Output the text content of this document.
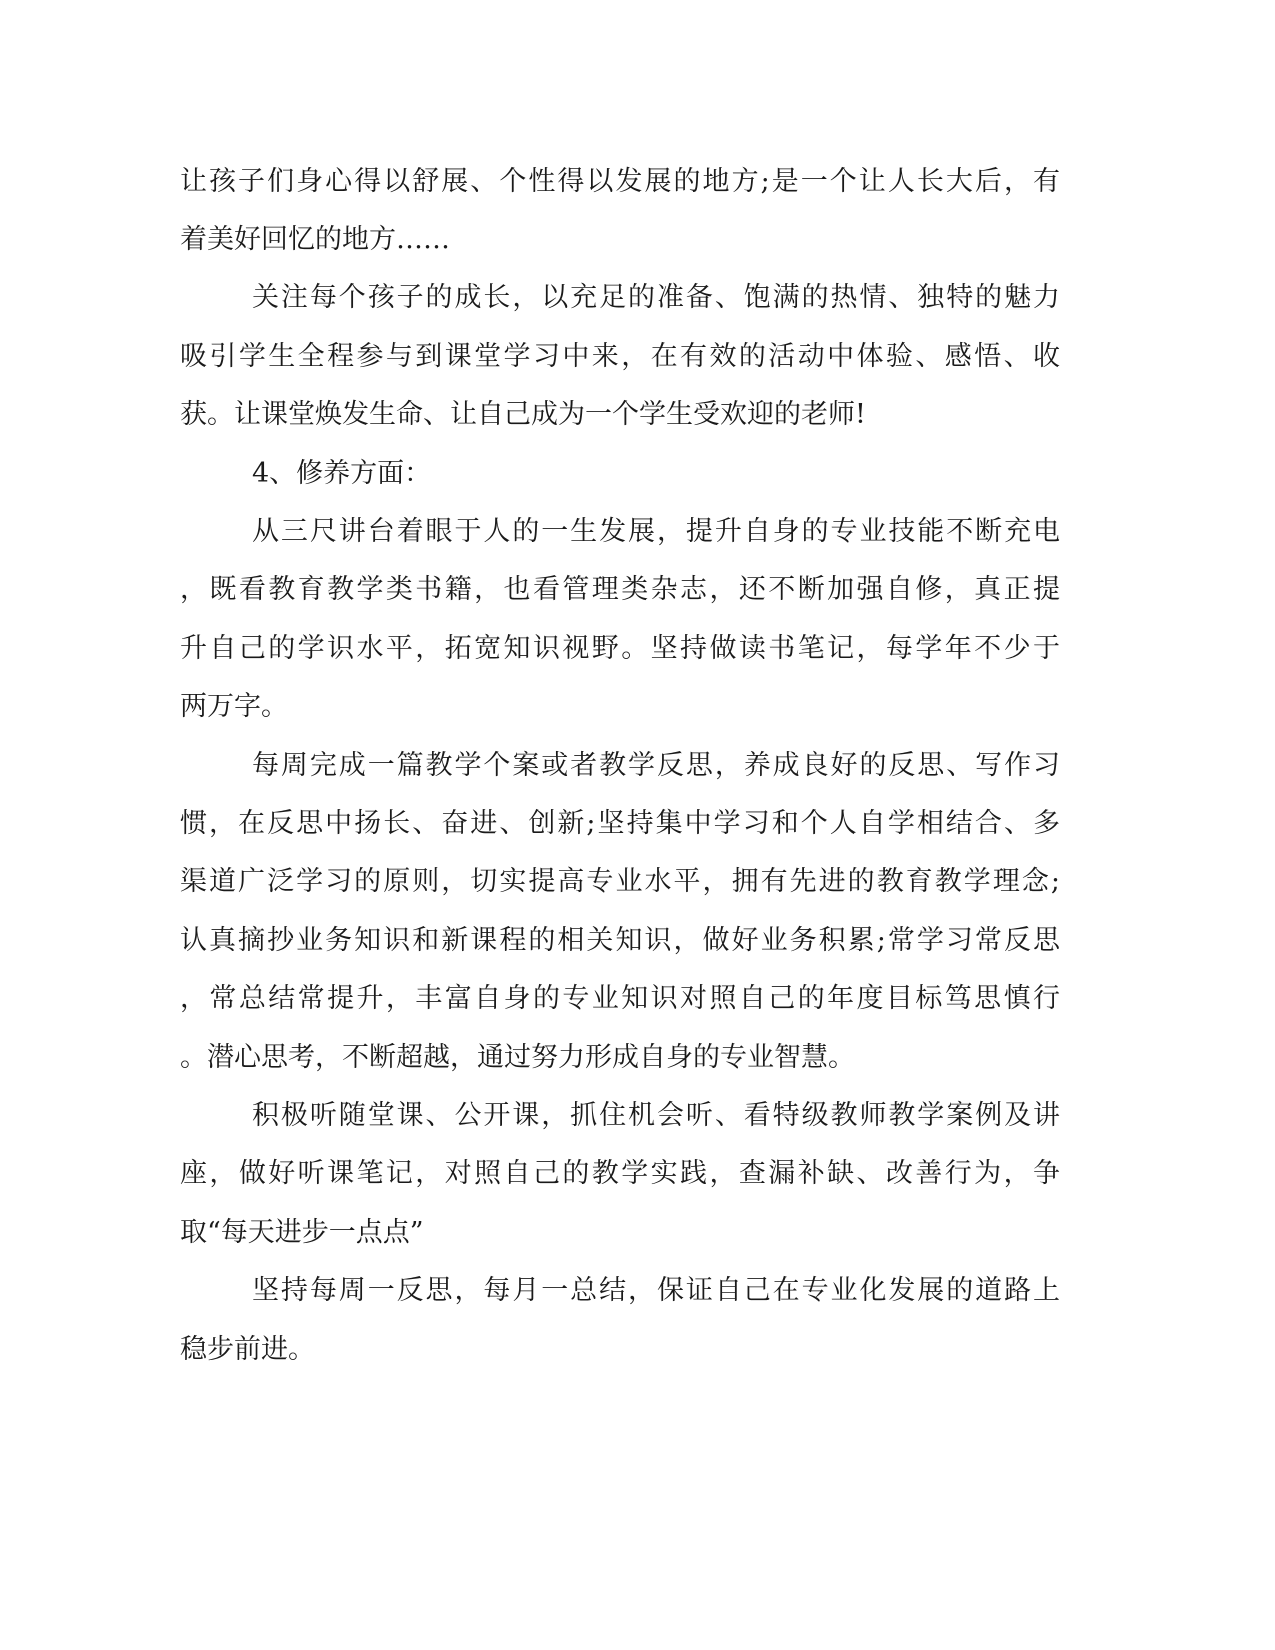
让孩子们身心得以舒展、个性得以发展的地方;是一个让人长大后，有
着美好回忆的地方……
关注每个孩子的成长，以充足的准备、饱满的热情、独特的魅力
吸引学生全程参与到课堂学习中来，在有效的活动中体验、感悟、收
获。让课堂焕发生命、让自己成为一个学生受欢迎的老师!
4、修养方面：
从三尺讲台着眼于人的一生发展，提升自身的专业技能不断充电
，既看教育教学类书籍，也看管理类杂志，还不断加强自修，真正提
升自己的学识水平，拓宽知识视野。坚持做读书笔记，每学年不少于
两万字。
每周完成一篇教学个案或者教学反思，养成良好的反思、写作习
惯，在反思中扬长、奋进、创新;坚持集中学习和个人自学相结合、多
渠道广泛学习的原则，切实提高专业水平，拥有先进的教育教学理念;
认真摘抄业务知识和新课程的相关知识，做好业务积累;常学习常反思
，常总结常提升，丰富自身的专业知识对照自己的年度目标笃思慎行
。潜心思考，不断超越，通过努力形成自身的专业智慧。
积极听随堂课、公开课，抓住机会听、看特级教师教学案例及讲
座，做好听课笔记，对照自己的教学实践，查漏补缺、改善行为，争
取“每天进步一点点”
坚持每周一反思，每月一总结，保证自己在专业化发展的道路上
稳步前进。
